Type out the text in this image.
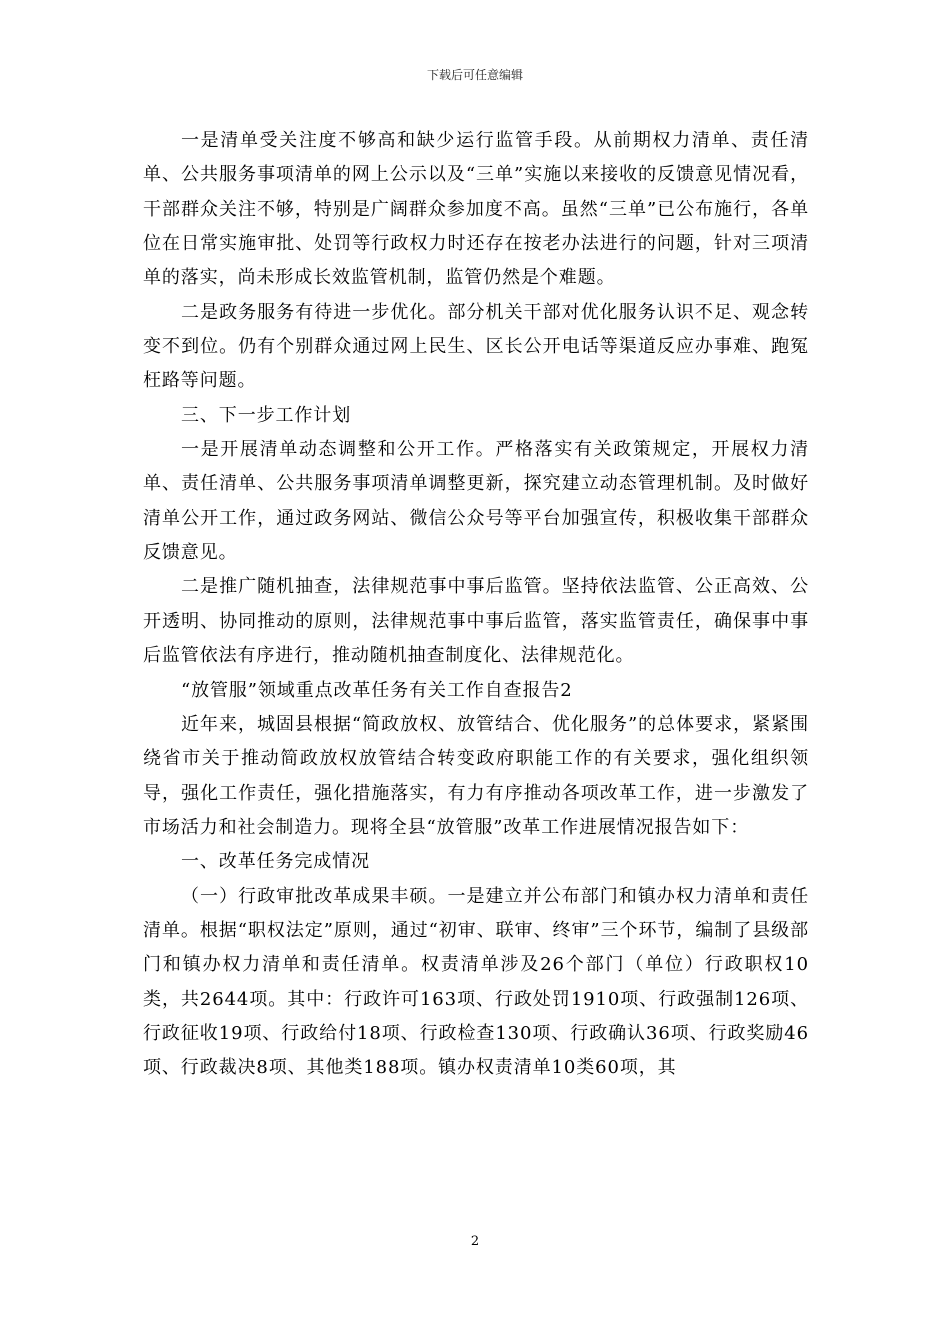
下载后可任意编辑

一是清单受关注度不够高和缺少运行监管手段。从前期权力清单、责任清单、公共服务事项清单的网上公示以及“三单”实施以来接收的反馈意见情况看，干部群众关注不够，特别是广阔群众参加度不高。虽然“三单”已公布施行，各单位在日常实施审批、处罚等行政权力时还存在按老办法进行的问题，针对三项清单的落实，尚未形成长效监管机制，监管仍然是个难题。

二是政务服务有待进一步优化。部分机关干部对优化服务认识不足、观念转变不到位。仍有个别群众通过网上民生、区长公开电话等渠道反应办事难、跑冤枉路等问题。

三、下一步工作计划

一是开展清单动态调整和公开工作。严格落实有关政策规定，开展权力清单、责任清单、公共服务事项清单调整更新，探究建立动态管理机制。及时做好清单公开工作，通过政务网站、微信公众号等平台加强宣传，积极收集干部群众反馈意见。

二是推广随机抽查，法律规范事中事后监管。坚持依法监管、公正高效、公开透明、协同推动的原则，法律规范事中事后监管，落实监管责任，确保事中事后监管依法有序进行，推动随机抽查制度化、法律规范化。

“放管服”领域重点改革任务有关工作自查报告2

近年来，城固县根据“简政放权、放管结合、优化服务”的总体要求，紧紧围绕省市关于推动简政放权放管结合转变政府职能工作的有关要求，强化组织领导，强化工作责任，强化措施落实，有力有序推动各项改革工作，进一步激发了市场活力和社会制造力。现将全县“放管服”改革工作进展情况报告如下：

一、改革任务完成情况

（一）行政审批改革成果丰硕。一是建立并公布部门和镇办权力清单和责任清单。根据“职权法定”原则，通过“初审、联审、终审”三个环节，编制了县级部门和镇办权力清单和责任清单。权责清单涉及26个部门（单位）行政职权10类，共2644项。其中：行政许可163项、行政处罚1910项、行政强制126项、行政征收19项、行政给付18项、行政检查130项、行政确认36项、行政奖励46项、行政裁决8项、其他类188项。镇办权责清单10类60项，其

2
